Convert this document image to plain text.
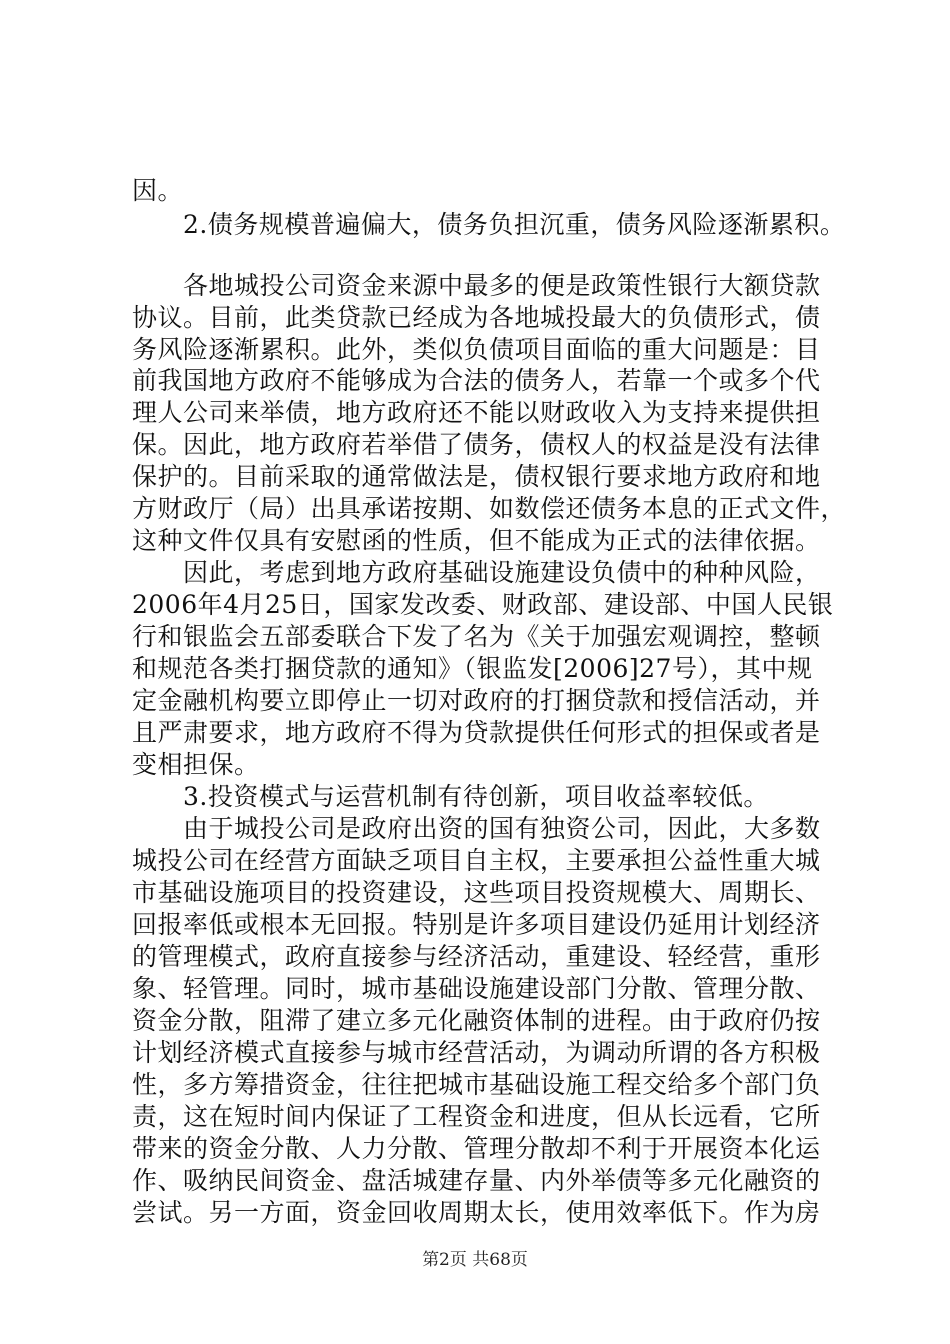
因。
2.债务规模普遍偏大，债务负担沉重，债务风险逐渐累积。
各地城投公司资金来源中最多的便是政策性银行大额贷款
协议。目前，此类贷款已经成为各地城投最大的负债形式，债
务风险逐渐累积。此外，类似负债项目面临的重大问题是：目
前我国地方政府不能够成为合法的债务人，若靠一个或多个代
理人公司来举债，地方政府还不能以财政收入为支持来提供担
保。因此，地方政府若举借了债务，债权人的权益是没有法律
保护的。目前采取的通常做法是，债权银行要求地方政府和地
方财政厅（局）出具承诺按期、如数偿还债务本息的正式文件，
这种文件仅具有安慰函的性质，但不能成为正式的法律依据。
因此，考虑到地方政府基础设施建设负债中的种种风险，
2006年4月25日，国家发改委、财政部、建设部、中国人民银
行和银监会五部委联合下发了名为《关于加强宏观调控，整顿
和规范各类打捆贷款的通知》（银监发[2006]27号），其中规
定金融机构要立即停止一切对政府的打捆贷款和授信活动，并
且严肃要求，地方政府不得为贷款提供任何形式的担保或者是
变相担保。
3.投资模式与运营机制有待创新，项目收益率较低。
由于城投公司是政府出资的国有独资公司，因此，大多数
城投公司在经营方面缺乏项目自主权，主要承担公益性重大城
市基础设施项目的投资建设，这些项目投资规模大、周期长、
回报率低或根本无回报。特别是许多项目建设仍延用计划经济
的管理模式，政府直接参与经济活动，重建设、轻经营，重形
象、轻管理。同时，城市基础设施建设部门分散、管理分散、
资金分散，阻滞了建立多元化融资体制的进程。由于政府仍按
计划经济模式直接参与城市经营活动，为调动所谓的各方积极
性，多方筹措资金，往往把城市基础设施工程交给多个部门负
责，这在短时间内保证了工程资金和进度，但从长远看，它所
带来的资金分散、人力分散、管理分散却不利于开展资本化运
作、吸纳民间资金、盘活城建存量、内外举债等多元化融资的
尝试。另一方面，资金回收周期太长，使用效率低下。作为房
第2页 共68页
